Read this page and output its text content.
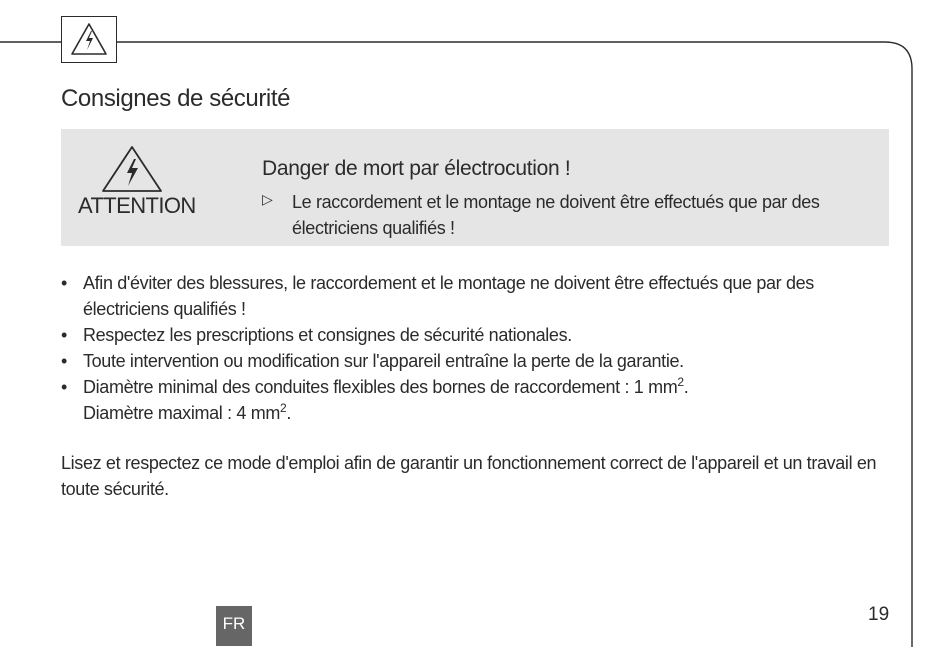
Consignes de sécurité
ATTENTION
Danger de mort par électrocution !
▷ Le raccordement et le montage ne doivent être effectués que par des électriciens qualifiés !
• Afin d'éviter des blessures, le raccordement et le montage ne doivent être effectués que par des électriciens qualifiés !
• Respectez les prescriptions et consignes de sécurité nationales.
• Toute intervention ou modification sur l'appareil entraîne la perte de la garantie.
• Diamètre minimal des conduites flexibles des bornes de raccordement : 1 $mm^2$.
Diamètre maximal : 4 $mm^2$.
Lisez et respectez ce mode d'emploi afin de garantir un fonctionnement correct de l'appareil et un travail en toute sécurité.
FR	19
